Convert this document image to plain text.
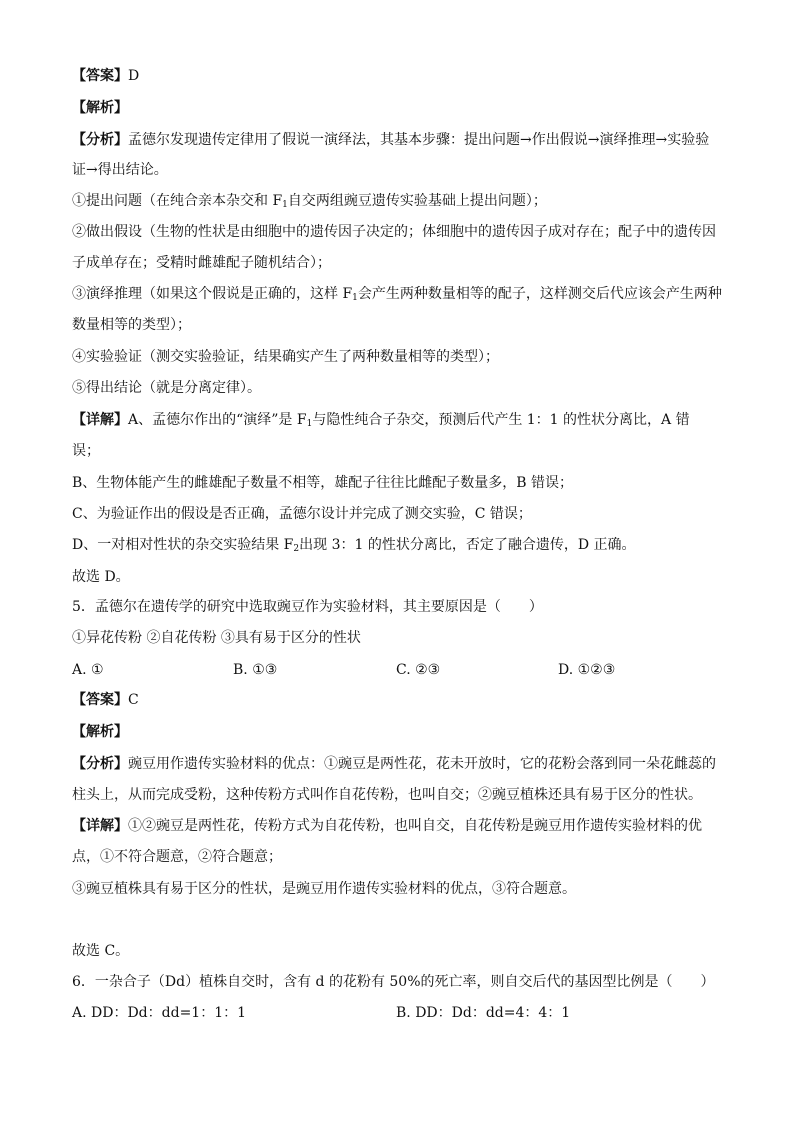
【答案】D
【解析】
【分析】孟德尔发现遗传定律用了假说一演绎法，其基本步骤：提出问题→作出假说→演绎推理→实验验
证→得出结论。
①提出问题（在纯合亲本杂交和 $F_1$自交两组豌豆遗传实验基础上提出问题）；
②做出假设（生物的性状是由细胞中的遗传因子决定的；体细胞中的遗传因子成对存在；配子中的遗传因
子成单存在；受精时雌雄配子随机结合）；
③演绎推理（如果这个假说是正确的，这样 $F_1$会产生两种数量相等的配子，这样测交后代应该会产生两种
数量相等的类型）；
④实验验证（测交实验验证，结果确实产生了两种数量相等的类型）；
⑤得出结论（就是分离定律）。
【详解】A、孟德尔作出的“演绎”是 $F_1$与隐性纯合子杂交，预测后代产生 1：1 的性状分离比，A 错
误；
B、生物体能产生的雌雄配子数量不相等，雄配子往往比雌配子数量多，B 错误；
C、为验证作出的假设是否正确，孟德尔设计并完成了测交实验，C 错误；
D、一对相对性状的杂交实验结果 $F_2$出现 3：1 的性状分离比，否定了融合遗传，D 正确。
故选 D。
5．孟德尔在遗传学的研究中选取豌豆作为实验材料，其主要原因是（　　）
①异花传粉 ②自花传粉 ③具有易于区分的性状
A. ①	B. ①③	C. ②③	D. ①②③
【答案】C
【解析】
【分析】豌豆用作遗传实验材料的优点：①豌豆是两性花，花未开放时，它的花粉会落到同一朵花雌蕊的
柱头上，从而完成受粉，这种传粉方式叫作自花传粉，也叫自交；②豌豆植株还具有易于区分的性状。
【详解】①②豌豆是两性花，传粉方式为自花传粉，也叫自交，自花传粉是豌豆用作遗传实验材料的优
点，①不符合题意，②符合题意；
③豌豆植株具有易于区分的性状，是豌豆用作遗传实验材料的优点，③符合题意。
故选 C。
6．一杂合子（Dd）植株自交时，含有 d 的花粉有 50%的死亡率，则自交后代的基因型比例是（　　）
A. DD：Dd：dd=1：1：1	B. DD：Dd：dd=4：4：1
